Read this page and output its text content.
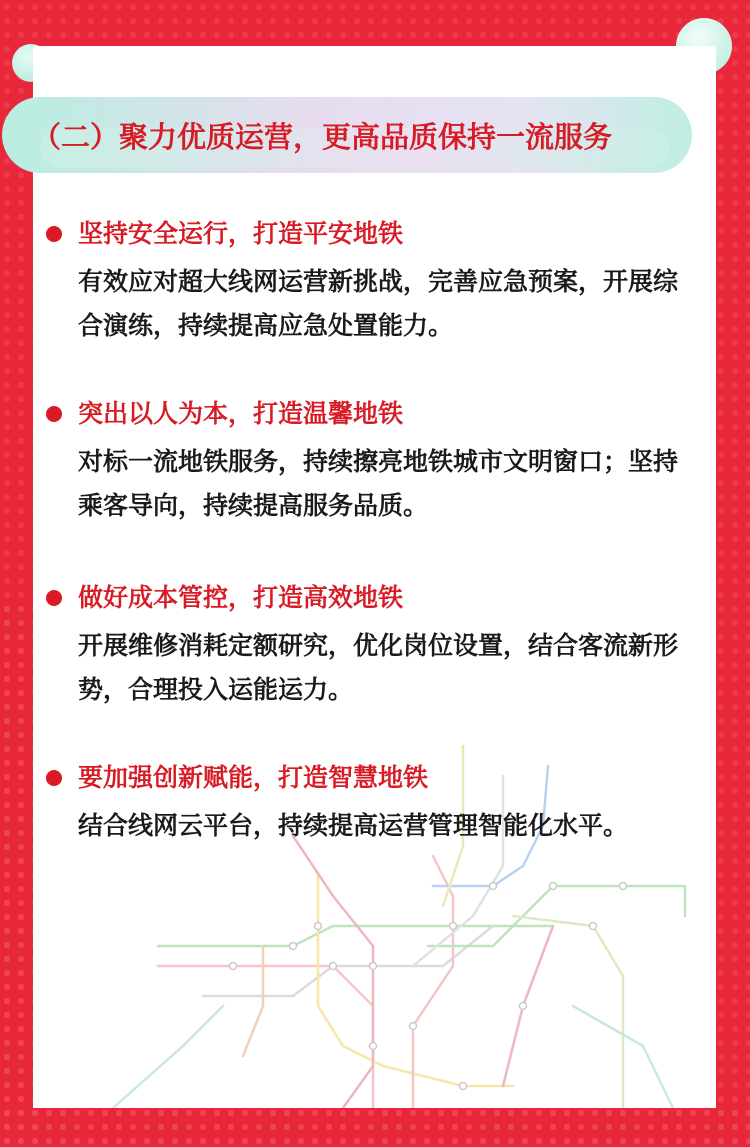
（二）聚力优质运营，更高品质保持一流服务
坚持安全运行，打造平安地铁
有效应对超大线网运营新挑战，完善应急预案，开展综合演练，持续提高应急处置能力。
突出以人为本，打造温馨地铁
对标一流地铁服务，持续擦亮地铁城市文明窗口；坚持乘客导向，持续提高服务品质。
做好成本管控，打造高效地铁
开展维修消耗定额研究，优化岗位设置，结合客流新形势，合理投入运能运力。
要加强创新赋能，打造智慧地铁
结合线网云平台，持续提高运营管理智能化水平。
